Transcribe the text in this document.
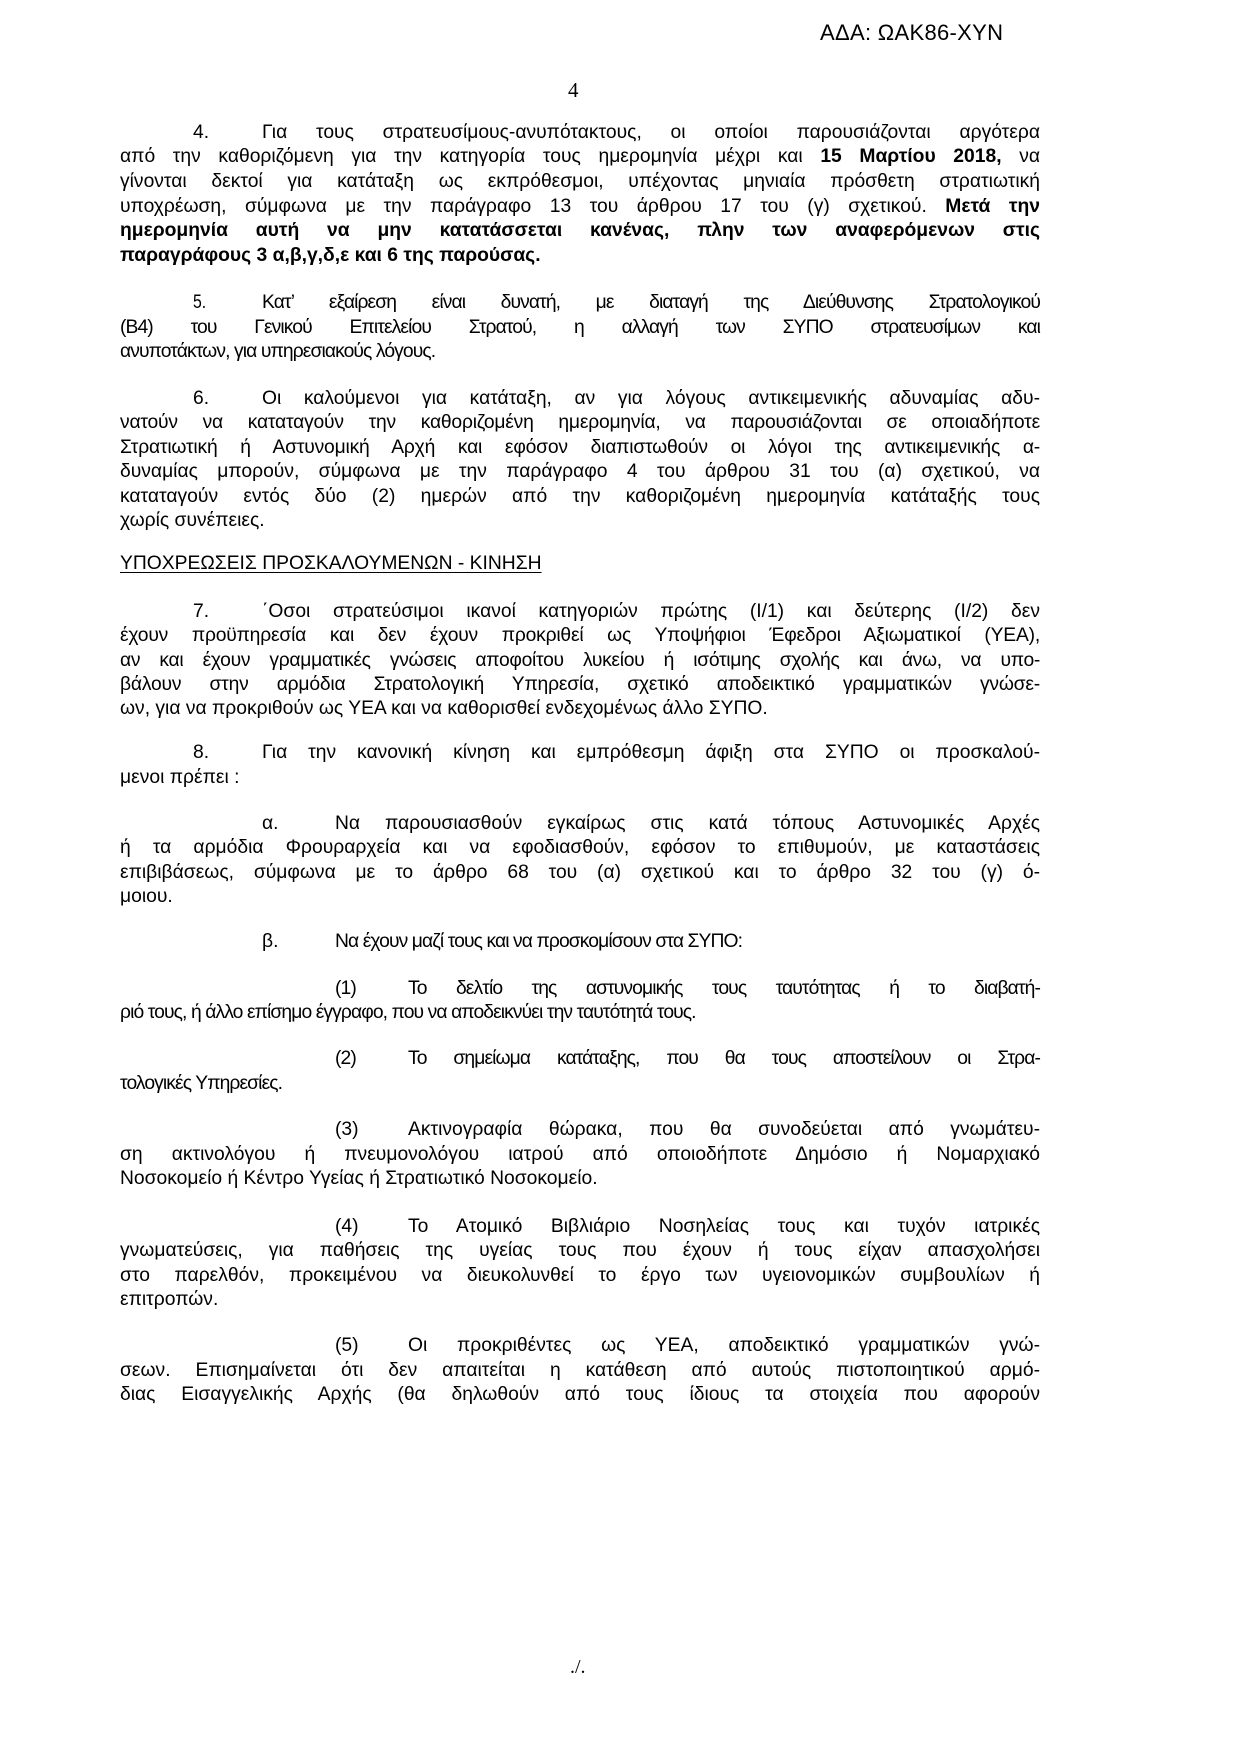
ΑΔΑ: ΩΑΚ86-ΧΥΝ
4
4.	Για τους στρατευσίμους-ανυπότακτους, οι οποίοι παρουσιάζονται αργότερα
από την καθοριζόμενη για την κατηγορία τους ημερομηνία μέχρι και 15 Μαρτίου 2018, να
γίνονται δεκτοί για κατάταξη ως εκπρόθεσμοι, υπέχοντας μηνιαία πρόσθετη στρατιωτική
υποχρέωση, σύμφωνα με την παράγραφο 13 του άρθρου 17 του (γ) σχετικού. Μετά την
ημερομηνία αυτή να μην κατατάσσεται κανένας, πλην των αναφερόμενων στις
παραγράφους 3 α,β,γ,δ,ε και 6 της παρούσας.
5.	Κατ’ εξαίρεση είναι δυνατή, με διαταγή της Διεύθυνσης Στρατολογικού
(Β4) του Γενικού Επιτελείου Στρατού, η αλλαγή των ΣΥΠΟ στρατευσίμων και
ανυποτάκτων, για υπηρεσιακούς λόγους.
6.	Οι καλούμενοι για κατάταξη, αν για λόγους αντικειμενικής αδυναμίας αδυ-
νατούν να καταταγούν την καθοριζομένη ημερομηνία, να παρουσιάζονται σε οποιαδήποτε
Στρατιωτική ή Αστυνομική Αρχή και εφόσον διαπιστωθούν οι λόγοι της αντικειμενικής α-
δυναμίας μπορούν, σύμφωνα με την παράγραφο 4 του άρθρου 31 του (α) σχετικού, να
καταταγούν εντός δύο (2) ημερών από την καθοριζομένη ημερομηνία κατάταξής τους
χωρίς συνέπειες.
ΥΠΟΧΡΕΩΣΕΙΣ ΠΡΟΣΚΑΛΟΥΜΕΝΩΝ - ΚΙΝΗΣΗ
7.	΄Οσοι στρατεύσιμοι ικανοί κατηγοριών πρώτης (Ι/1) και δεύτερης (Ι/2) δεν
έχουν προϋπηρεσία και δεν έχουν προκριθεί ως Υποψήφιοι Έφεδροι Αξιωματικοί (ΥΕΑ),
αν και έχουν γραμματικές γνώσεις αποφοίτου λυκείου ή ισότιμης σχολής και άνω, να υπο-
βάλουν στην αρμόδια Στρατολογική Υπηρεσία, σχετικό αποδεικτικό γραμματικών γνώσε-
ων, για να προκριθούν ως ΥΕΑ και να καθορισθεί ενδεχομένως άλλο ΣΥΠΟ.
8.	Για την κανονική κίνηση και εμπρόθεσμη άφιξη στα ΣΥΠΟ οι προσκαλού-
μενοι πρέπει :
α.	Να παρουσιασθούν εγκαίρως στις κατά τόπους Αστυνομικές Αρχές
ή τα αρμόδια Φρουραρχεία και να εφοδιασθούν, εφόσον το επιθυμούν, με καταστάσεις
επιβιβάσεως, σύμφωνα με το άρθρο 68 του (α) σχετικού και το άρθρο 32 του (γ) ό-
μοιου.
β.	Να έχουν μαζί τους και να προσκομίσουν στα ΣΥΠΟ:
(1)	Το δελτίο της αστυνομικής τους ταυτότητας ή το διαβατή-
ριό τους, ή άλλο επίσημο έγγραφο, που να αποδεικνύει την ταυτότητά τους.
(2)	Το σημείωμα κατάταξης, που θα τους αποστείλουν οι Στρα-
τολογικές Υπηρεσίες.
(3)	Ακτινογραφία θώρακα, που θα συνοδεύεται από γνωμάτευ-
ση ακτινολόγου ή πνευμονολόγου ιατρού από οποιοδήποτε Δημόσιο ή Νομαρχιακό
Νοσοκομείο ή Κέντρο Υγείας ή Στρατιωτικό Νοσοκομείο.
(4)	Το Ατομικό Βιβλιάριο Νοσηλείας τους και τυχόν ιατρικές
γνωματεύσεις, για παθήσεις της υγείας τους που έχουν ή τους είχαν απασχολήσει
στο παρελθόν, προκειμένου να διευκολυνθεί το έργο των υγειονομικών συμβουλίων ή
επιτροπών.
(5)	Οι προκριθέντες ως ΥΕΑ, αποδεικτικό γραμματικών γνώ-
σεων. Επισημαίνεται ότι δεν απαιτείται η κατάθεση από αυτούς πιστοποιητικού αρμό-
διας Εισαγγελικής Αρχής (θα δηλωθούν από τους ίδιους τα στοιχεία που αφορούν
./.
